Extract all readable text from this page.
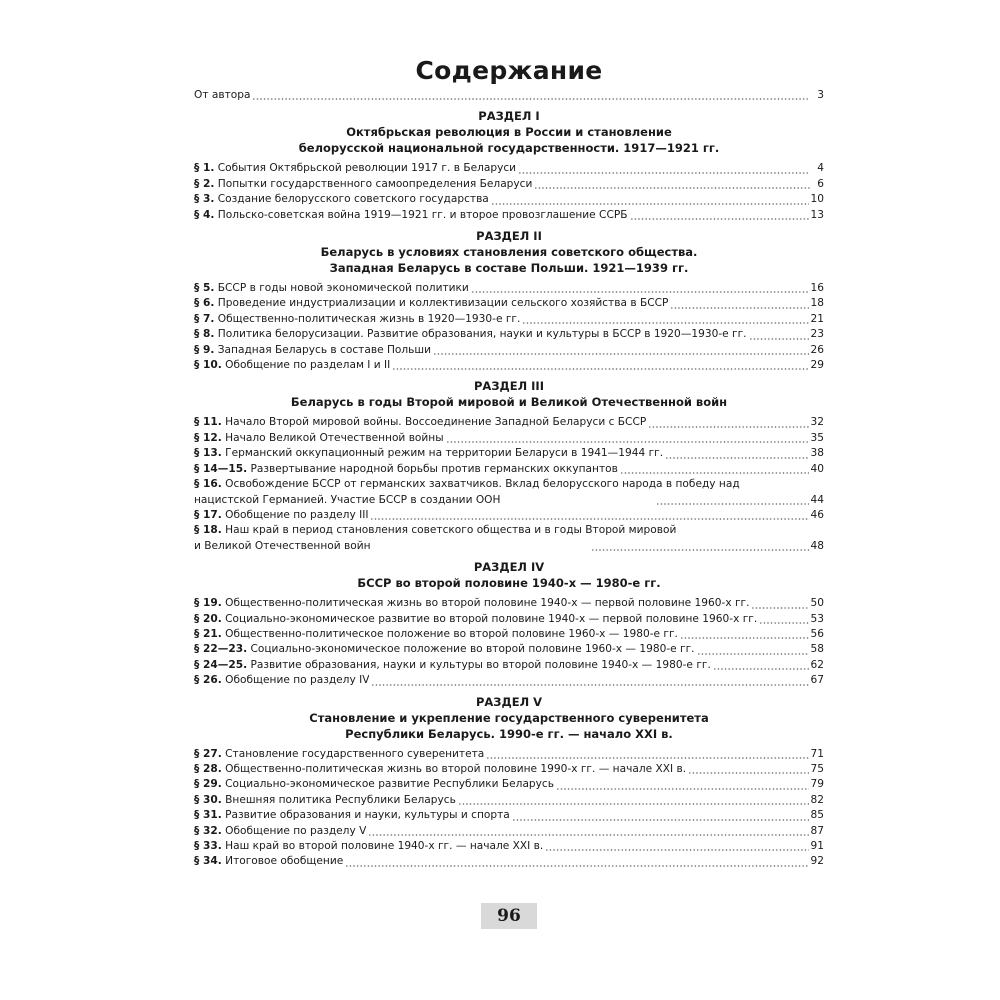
Содержание
От автора	3
РАЗДЕЛ I
Октябрьская революция в России и становление
белорусской национальной государственности. 1917—1921 гг.
§ 1. События Октябрьской революции 1917 г. в Беларуси	4
§ 2. Попытки государственного самоопределения Беларуси	6
§ 3. Создание белорусского советского государства	10
§ 4. Польско-советская война 1919—1921 гг. и второе провозглашение ССРБ	13
РАЗДЕЛ II
Беларусь в условиях становления советского общества.
Западная Беларусь в составе Польши. 1921—1939 гг.
§ 5. БССР в годы новой экономической политики	16
§ 6. Проведение индустриализации и коллективизации сельского хозяйства в БССР	18
§ 7. Общественно-политическая жизнь в 1920—1930-е гг.	21
§ 8. Политика белорусизации. Развитие образования, науки и культуры в БССР в 1920—1930-е гг.	23
§ 9. Западная Беларусь в составе Польши	26
§ 10. Обобщение по разделам I и II	29
РАЗДЕЛ III
Беларусь в годы Второй мировой и Великой Отечественной войн
§ 11. Начало Второй мировой войны. Воссоединение Западной Беларуси с БССР	32
§ 12. Начало Великой Отечественной войны	35
§ 13. Германский оккупационный режим на территории Беларуси в 1941—1944 гг.	38
§ 14—15. Развертывание народной борьбы против германских оккупантов	40
§ 16. Освобождение БССР от германских захватчиков. Вклад белорусского народа в победу над
нацистской Германией. Участие БССР в создании ООН	44
§ 17. Обобщение по разделу III	46
§ 18. Наш край в период становления советского общества и в годы Второй мировой
и Великой Отечественной войн	48
РАЗДЕЛ IV
БССР во второй половине 1940-х — 1980-е гг.
§ 19. Общественно-политическая жизнь во второй половине 1940-х — первой половине 1960-х гг.	50
§ 20. Социально-экономическое развитие во второй половине 1940-х — первой половине 1960-х гг.	53
§ 21. Общественно-политическое положение во второй половине 1960-х — 1980-е гг.	56
§ 22—23. Социально-экономическое положение во второй половине 1960-х — 1980-е гг.	58
§ 24—25. Развитие образования, науки и культуры во второй половине 1940-х — 1980-е гг.	62
§ 26. Обобщение по разделу IV	67
РАЗДЕЛ V
Становление и укрепление государственного суверенитета
Республики Беларусь. 1990-е гг. — начало XXI в.
§ 27. Становление государственного суверенитета	71
§ 28. Общественно-политическая жизнь во второй половине 1990-х гг. — начале XXI в.	75
§ 29. Социально-экономическое развитие Республики Беларусь	79
§ 30. Внешняя политика Республики Беларусь	82
§ 31. Развитие образования и науки, культуры и спорта	85
§ 32. Обобщение по разделу V	87
§ 33. Наш край во второй половине 1940-х гг. — начале XXI в.	91
§ 34. Итоговое обобщение	92
96
